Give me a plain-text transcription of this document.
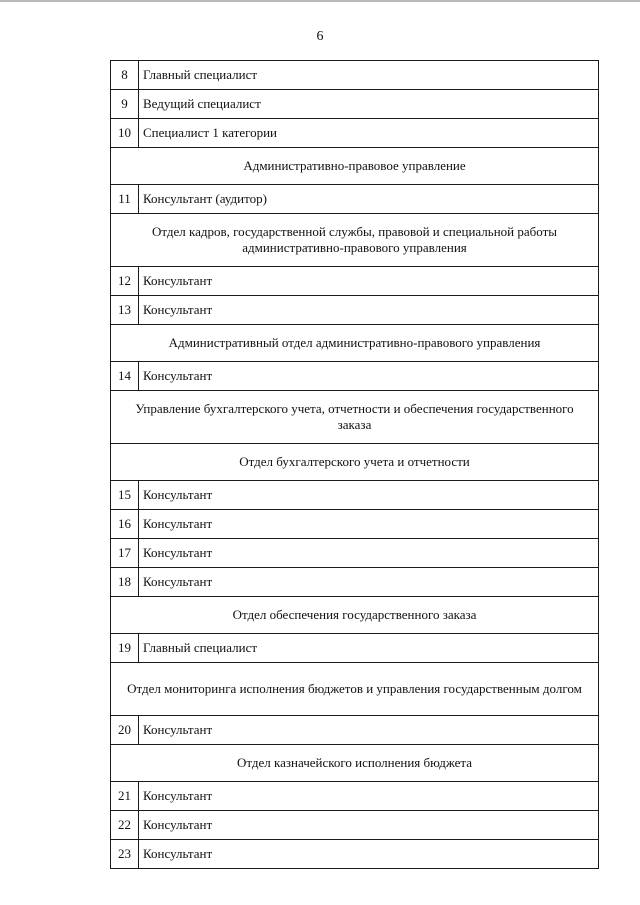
6
8	Главный специалист
9	Ведущий специалист
10	Специалист 1 категории
Административно-правовое управление	
11	Консультант (аудитор)
Отдел кадров, государственной службы, правовой и специальной работы административно-правового управления	
12	Консультант
13	Консультант
Административный отдел административно-правового управления	
14	Консультант
Управление бухгалтерского учета, отчетности и обеспечения государственного заказа	
Отдел бухгалтерского учета и отчетности	
15	Консультант
16	Консультант
17	Консультант
18	Консультант
Отдел обеспечения государственного заказа	
19	Главный специалист
Отдел мониторинга исполнения бюджетов и управления государственным долгом	
20	Консультант
Отдел казначейского исполнения бюджета	
21	Консультант
22	Консультант
23	Консультант
